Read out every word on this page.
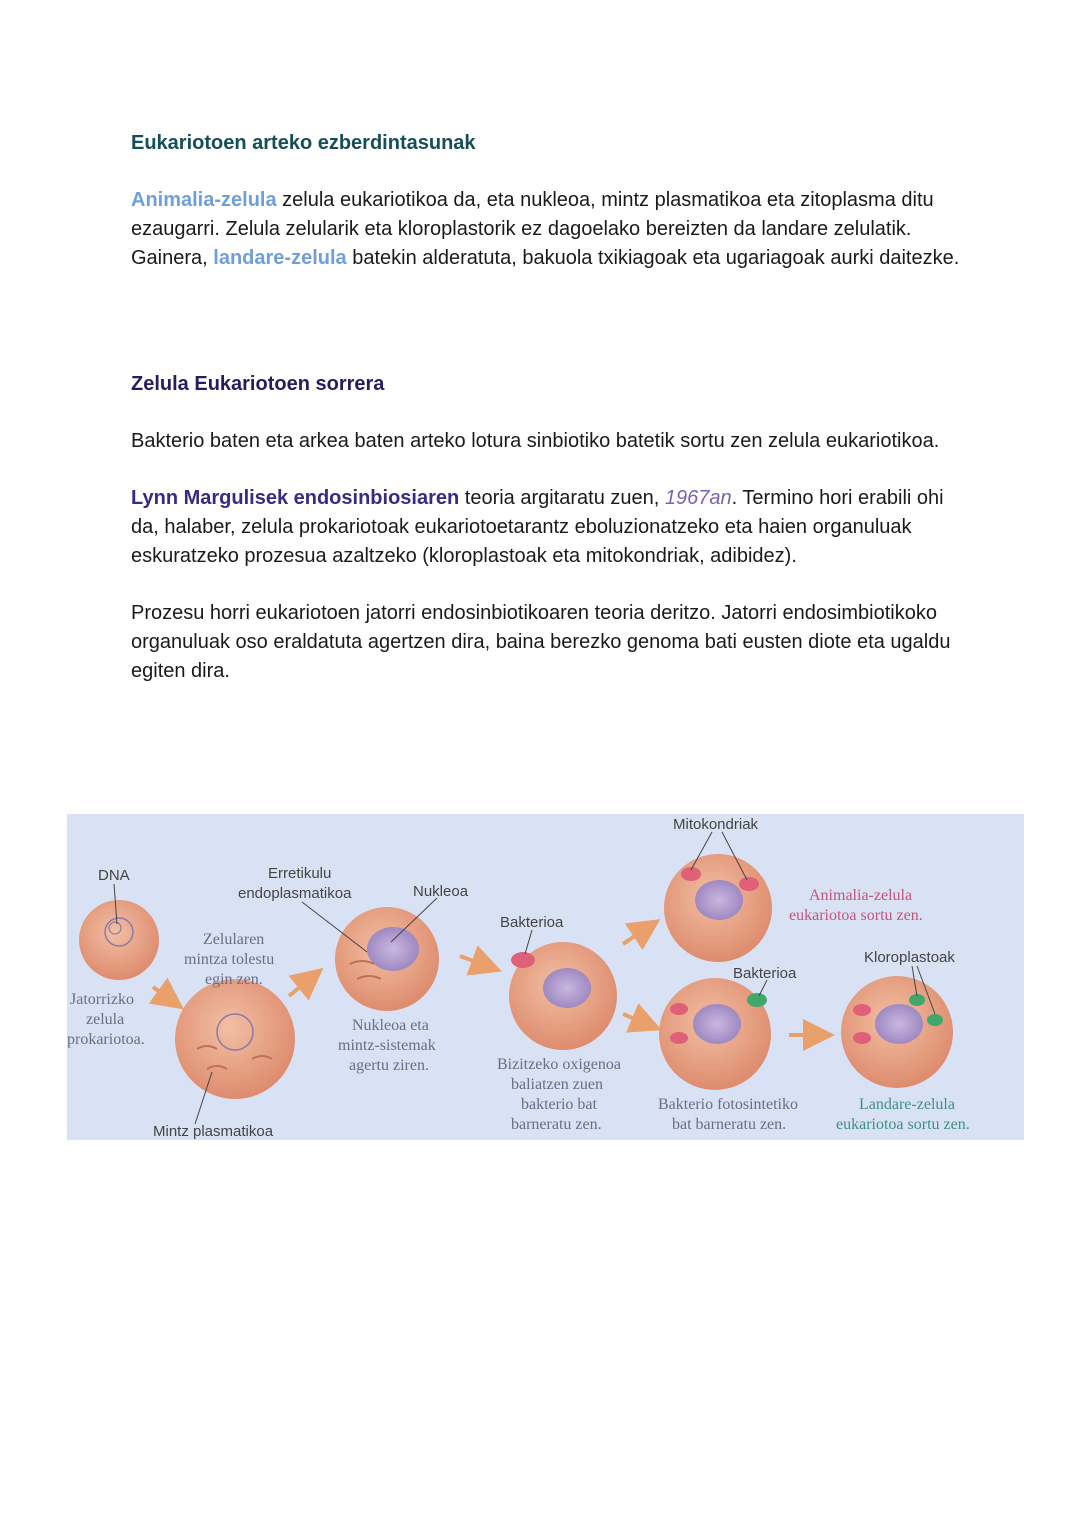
Eukariotoen arteko ezberdintasunak

Animalia-zelula zelula eukariotikoa da, eta nukleoa, mintz plasmatikoa eta zitoplasma ditu ezaugarri. Zelula zelularik eta kloroplastorik ez dagoelako bereizten da landare zelulatik. Gainera, landare-zelula batekin alderatuta, bakuola txikiagoak eta ugariagoak aurki daitezke.

Zelula Eukariotoen sorrera

Bakterio baten eta arkea baten arteko lotura sinbiotiko batetik sortu zen zelula eukariotikoa.

Lynn Margulisek endosinbiosiaren teoria argitaratu zuen, 1967an. Termino hori erabili ohi da, halaber, zelula prokariotoak eukariotoetarantz eboluzionatzeko eta haien organuluak eskuratzeko prozesua azaltzeko (kloroplastoak eta mitokondriak, adibidez).

Prozesu horri eukariotoen jatorri endosinbiotikoaren teoria deritzo. Jatorri endosimbiotikoko organuluak oso eraldatuta agertzen dira, baina berezko genoma bati eusten diote eta ugaldu egiten dira.

DNA	Erretikulu
endoplasmatikoa	Nukleoa
Mitokondriak
Bakterioa
Bakterioa
Kloroplastoak
Mintz plasmatikoa
Jatorrizko
zelula
prokariotoa.
Zelularen
mintza tolestu
egin zen.
Nukleoa eta
mintz-sistemak
agertu ziren.	Bizitzeko oxigenoa
baliatzen zuen
bakterio bat
barneratu zen.
Bakterio fotosintetiko
bat barneratu zen.
Animalia-zelula
eukariotoa sortu zen.
Landare-zelula
eukariotoa sortu zen.
